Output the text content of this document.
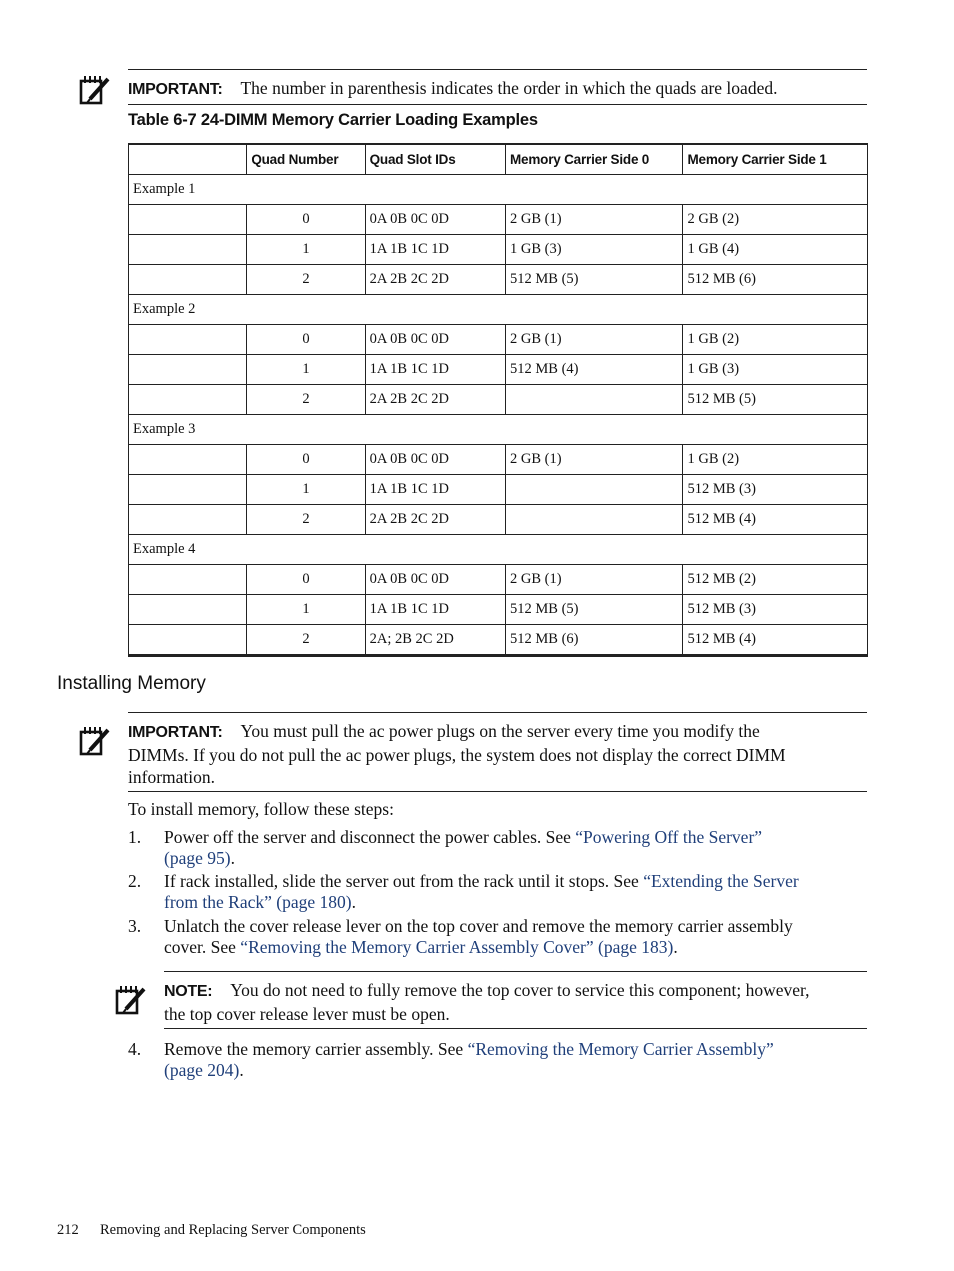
IMPORTANT: The number in parenthesis indicates the order in which the quads are loaded.
Table 6-7 24-DIMM Memory Carrier Loading Examples
	Quad Number	Quad Slot IDs	Memory Carrier Side 0	Memory Carrier Side 1
Example 1				
	0	0A 0B 0C 0D	2 GB (1)	2 GB (2)
	1	1A 1B 1C 1D	1 GB (3)	1 GB (4)
	2	2A 2B 2C 2D	512 MB (5)	512 MB (6)
Example 2				
	0	0A 0B 0C 0D	2 GB (1)	1 GB (2)
	1	1A 1B 1C 1D	512 MB (4)	1 GB (3)
	2	2A 2B 2C 2D		512 MB (5)
Example 3				
	0	0A 0B 0C 0D	2 GB (1)	1 GB (2)
	1	1A 1B 1C 1D		512 MB (3)
	2	2A 2B 2C 2D		512 MB (4)
Example 4				
	0	0A 0B 0C 0D	2 GB (1)	512 MB (2)
	1	1A 1B 1C 1D	512 MB (5)	512 MB (3)
	2	2A; 2B 2C 2D	512 MB (6)	512 MB (4)
Installing Memory
IMPORTANT: You must pull the ac power plugs on the server every time you modify the
DIMMs. If you do not pull the ac power plugs, the system does not display the correct DIMM
information.
To install memory, follow these steps:
1. Power off the server and disconnect the power cables. See “Powering Off the Server”
(page 95).
2. If rack installed, slide the server out from the rack until it stops. See “Extending the Server
from the Rack” (page 180).
3. Unlatch the cover release lever on the top cover and remove the memory carrier assembly
cover. See “Removing the Memory Carrier Assembly Cover” (page 183).
NOTE: You do not need to fully remove the top cover to service this component; however,
the top cover release lever must be open.
4. Remove the memory carrier assembly. See “Removing the Memory Carrier Assembly”
(page 204).
212 Removing and Replacing Server Components
